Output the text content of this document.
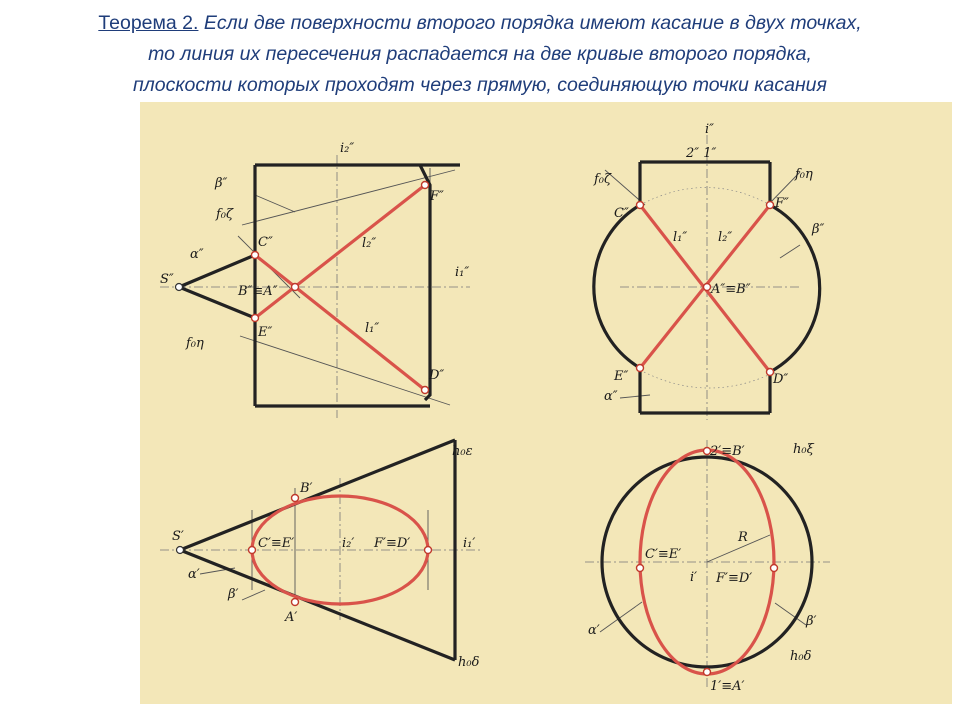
Теорема 2. Если две поверхности второго порядка имеют касание в двух точках,
то линия их пересечения распадается на две кривые второго порядка,
плоскости которых проходят через прямую, соединяющую точки касания
i₂″
i₁″
β″
f₀ζ
α″
C″
S″
B″≡A″
E″
f₀η
F″
l₂″
l₁″
D″
i″
2″ 1″
f₀ζ	f₀η
C″
F″
l₁″ l₂″
β″
A″≡B″
E″	D″
α″
h₀ε
B′
S′	C′≡E′	i₂′ F′≡D′	i₁′
α′
β′
A′
h₀δ
2′≡B′	h₀ξ
R
C′≡E′
i′ F′≡D′
α′
β′
h₀δ
1′≡A′
